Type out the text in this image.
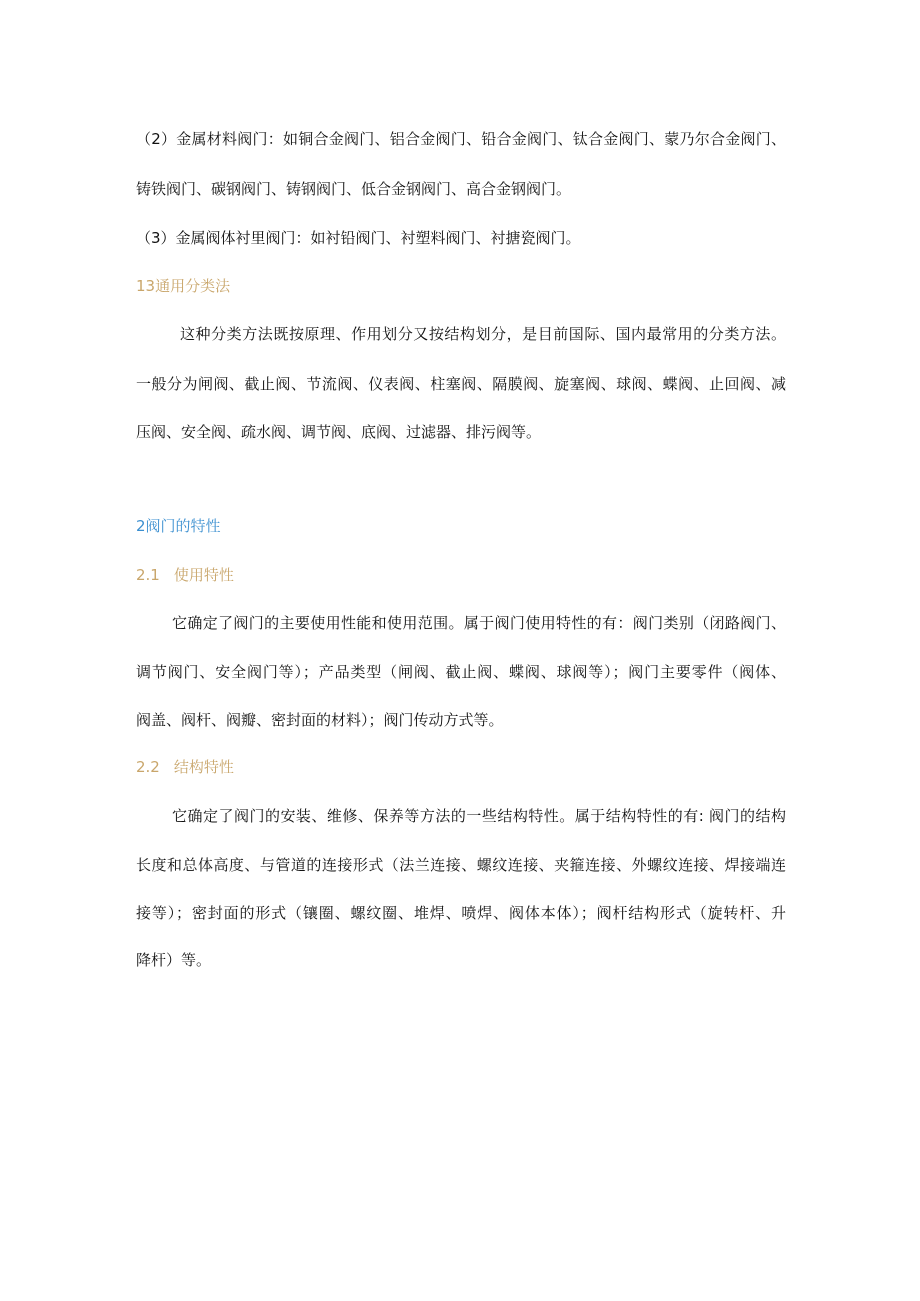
（2）金属材料阀门：如铜合金阀门、铝合金阀门、铅合金阀门、钛合金阀门、蒙乃尔合金阀门、
铸铁阀门、碳钢阀门、铸钢阀门、低合金钢阀门、高合金钢阀门。
（3）金属阀体衬里阀门：如衬铅阀门、衬塑料阀门、衬搪瓷阀门。
13通用分类法
这种分类方法既按原理、作用划分又按结构划分，是目前国际、国内最常用的分类方法。
一般分为闸阀、截止阀、节流阀、仪表阀、柱塞阀、隔膜阀、旋塞阀、球阀、蝶阀、止回阀、减
压阀、安全阀、疏水阀、调节阀、底阀、过滤器、排污阀等。
2阀门的特性
2.1 使用特性
它确定了阀门的主要使用性能和使用范围。属于阀门使用特性的有：阀门类别（闭路阀门、
调节阀门、安全阀门等）；产品类型（闸阀、截止阀、蝶阀、球阀等）；阀门主要零件（阀体、
阀盖、阀杆、阀瓣、密封面的材料）；阀门传动方式等。
2.2 结构特性
它确定了阀门的安装、维修、保养等方法的一些结构特性。属于结构特性的有: 阀门的结构
长度和总体高度、与管道的连接形式（法兰连接、螺纹连接、夹箍连接、外螺纹连接、焊接端连
接等）；密封面的形式（镶圈、螺纹圈、堆焊、喷焊、阀体本体）；阀杆结构形式（旋转杆、升
降杆）等。
